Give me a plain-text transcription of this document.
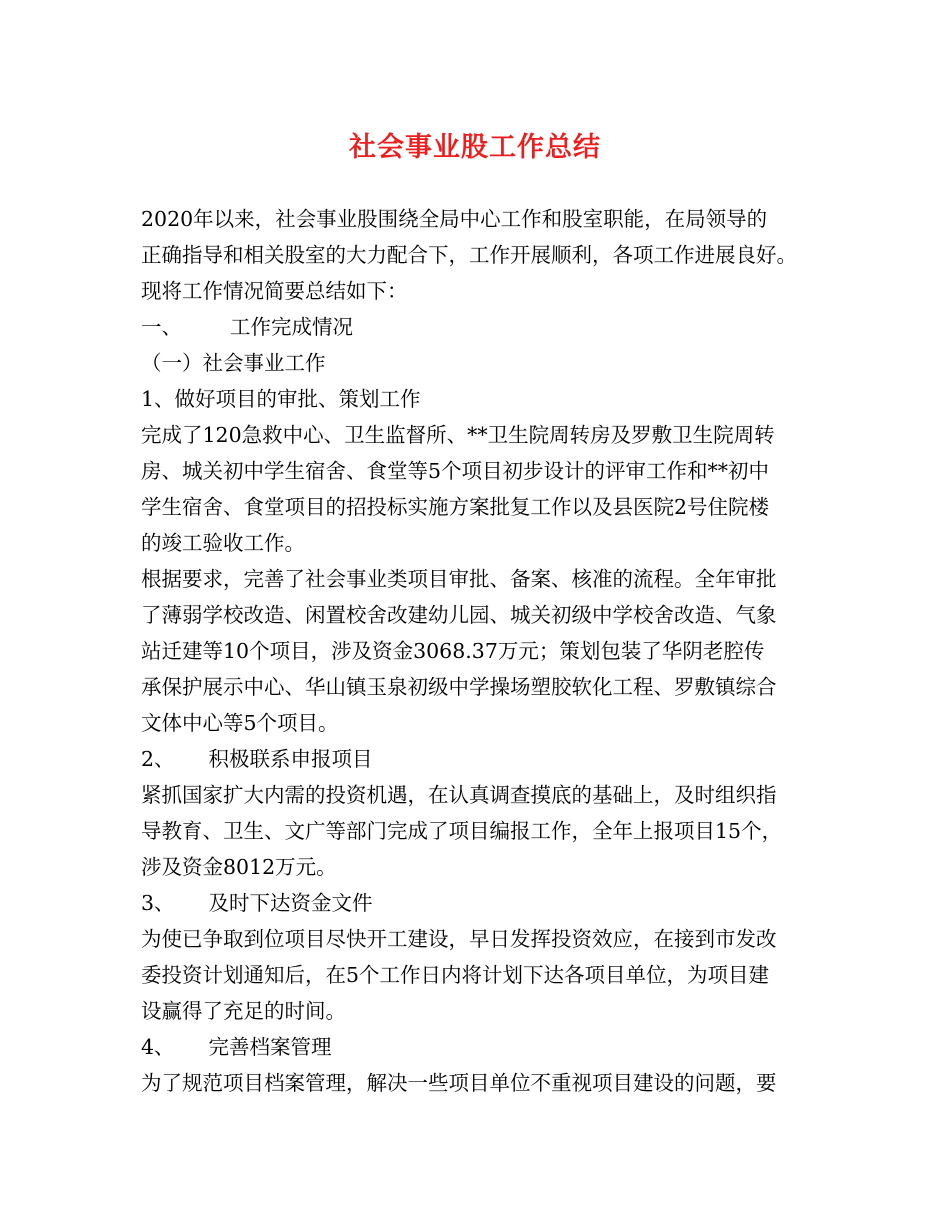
社会事业股工作总结
2020年以来，社会事业股围绕全局中心工作和股室职能，在局领导的
正确指导和相关股室的大力配合下，工作开展顺利，各项工作进展良好。
现将工作情况简要总结如下：
一、 工作完成情况
（一）社会事业工作
1、做好项目的审批、策划工作
完成了120急救中心、卫生监督所、**卫生院周转房及罗敷卫生院周转
房、城关初中学生宿舍、食堂等5个项目初步设计的评审工作和**初中
学生宿舍、食堂项目的招投标实施方案批复工作以及县医院2号住院楼
的竣工验收工作。
根据要求，完善了社会事业类项目审批、备案、核准的流程。全年审批
了薄弱学校改造、闲置校舍改建幼儿园、城关初级中学校舍改造、气象
站迁建等10个项目，涉及资金3068.37万元；策划包装了华阴老腔传
承保护展示中心、华山镇玉泉初级中学操场塑胶软化工程、罗敷镇综合
文体中心等5个项目。
2、 积极联系申报项目
紧抓国家扩大内需的投资机遇，在认真调查摸底的基础上，及时组织指
导教育、卫生、文广等部门完成了项目编报工作，全年上报项目15个，
涉及资金8012万元。
3、 及时下达资金文件
为使已争取到位项目尽快开工建设，早日发挥投资效应，在接到市发改
委投资计划通知后，在5个工作日内将计划下达各项目单位，为项目建
设赢得了充足的时间。
4、 完善档案管理
为了规范项目档案管理，解决一些项目单位不重视项目建设的问题，要
